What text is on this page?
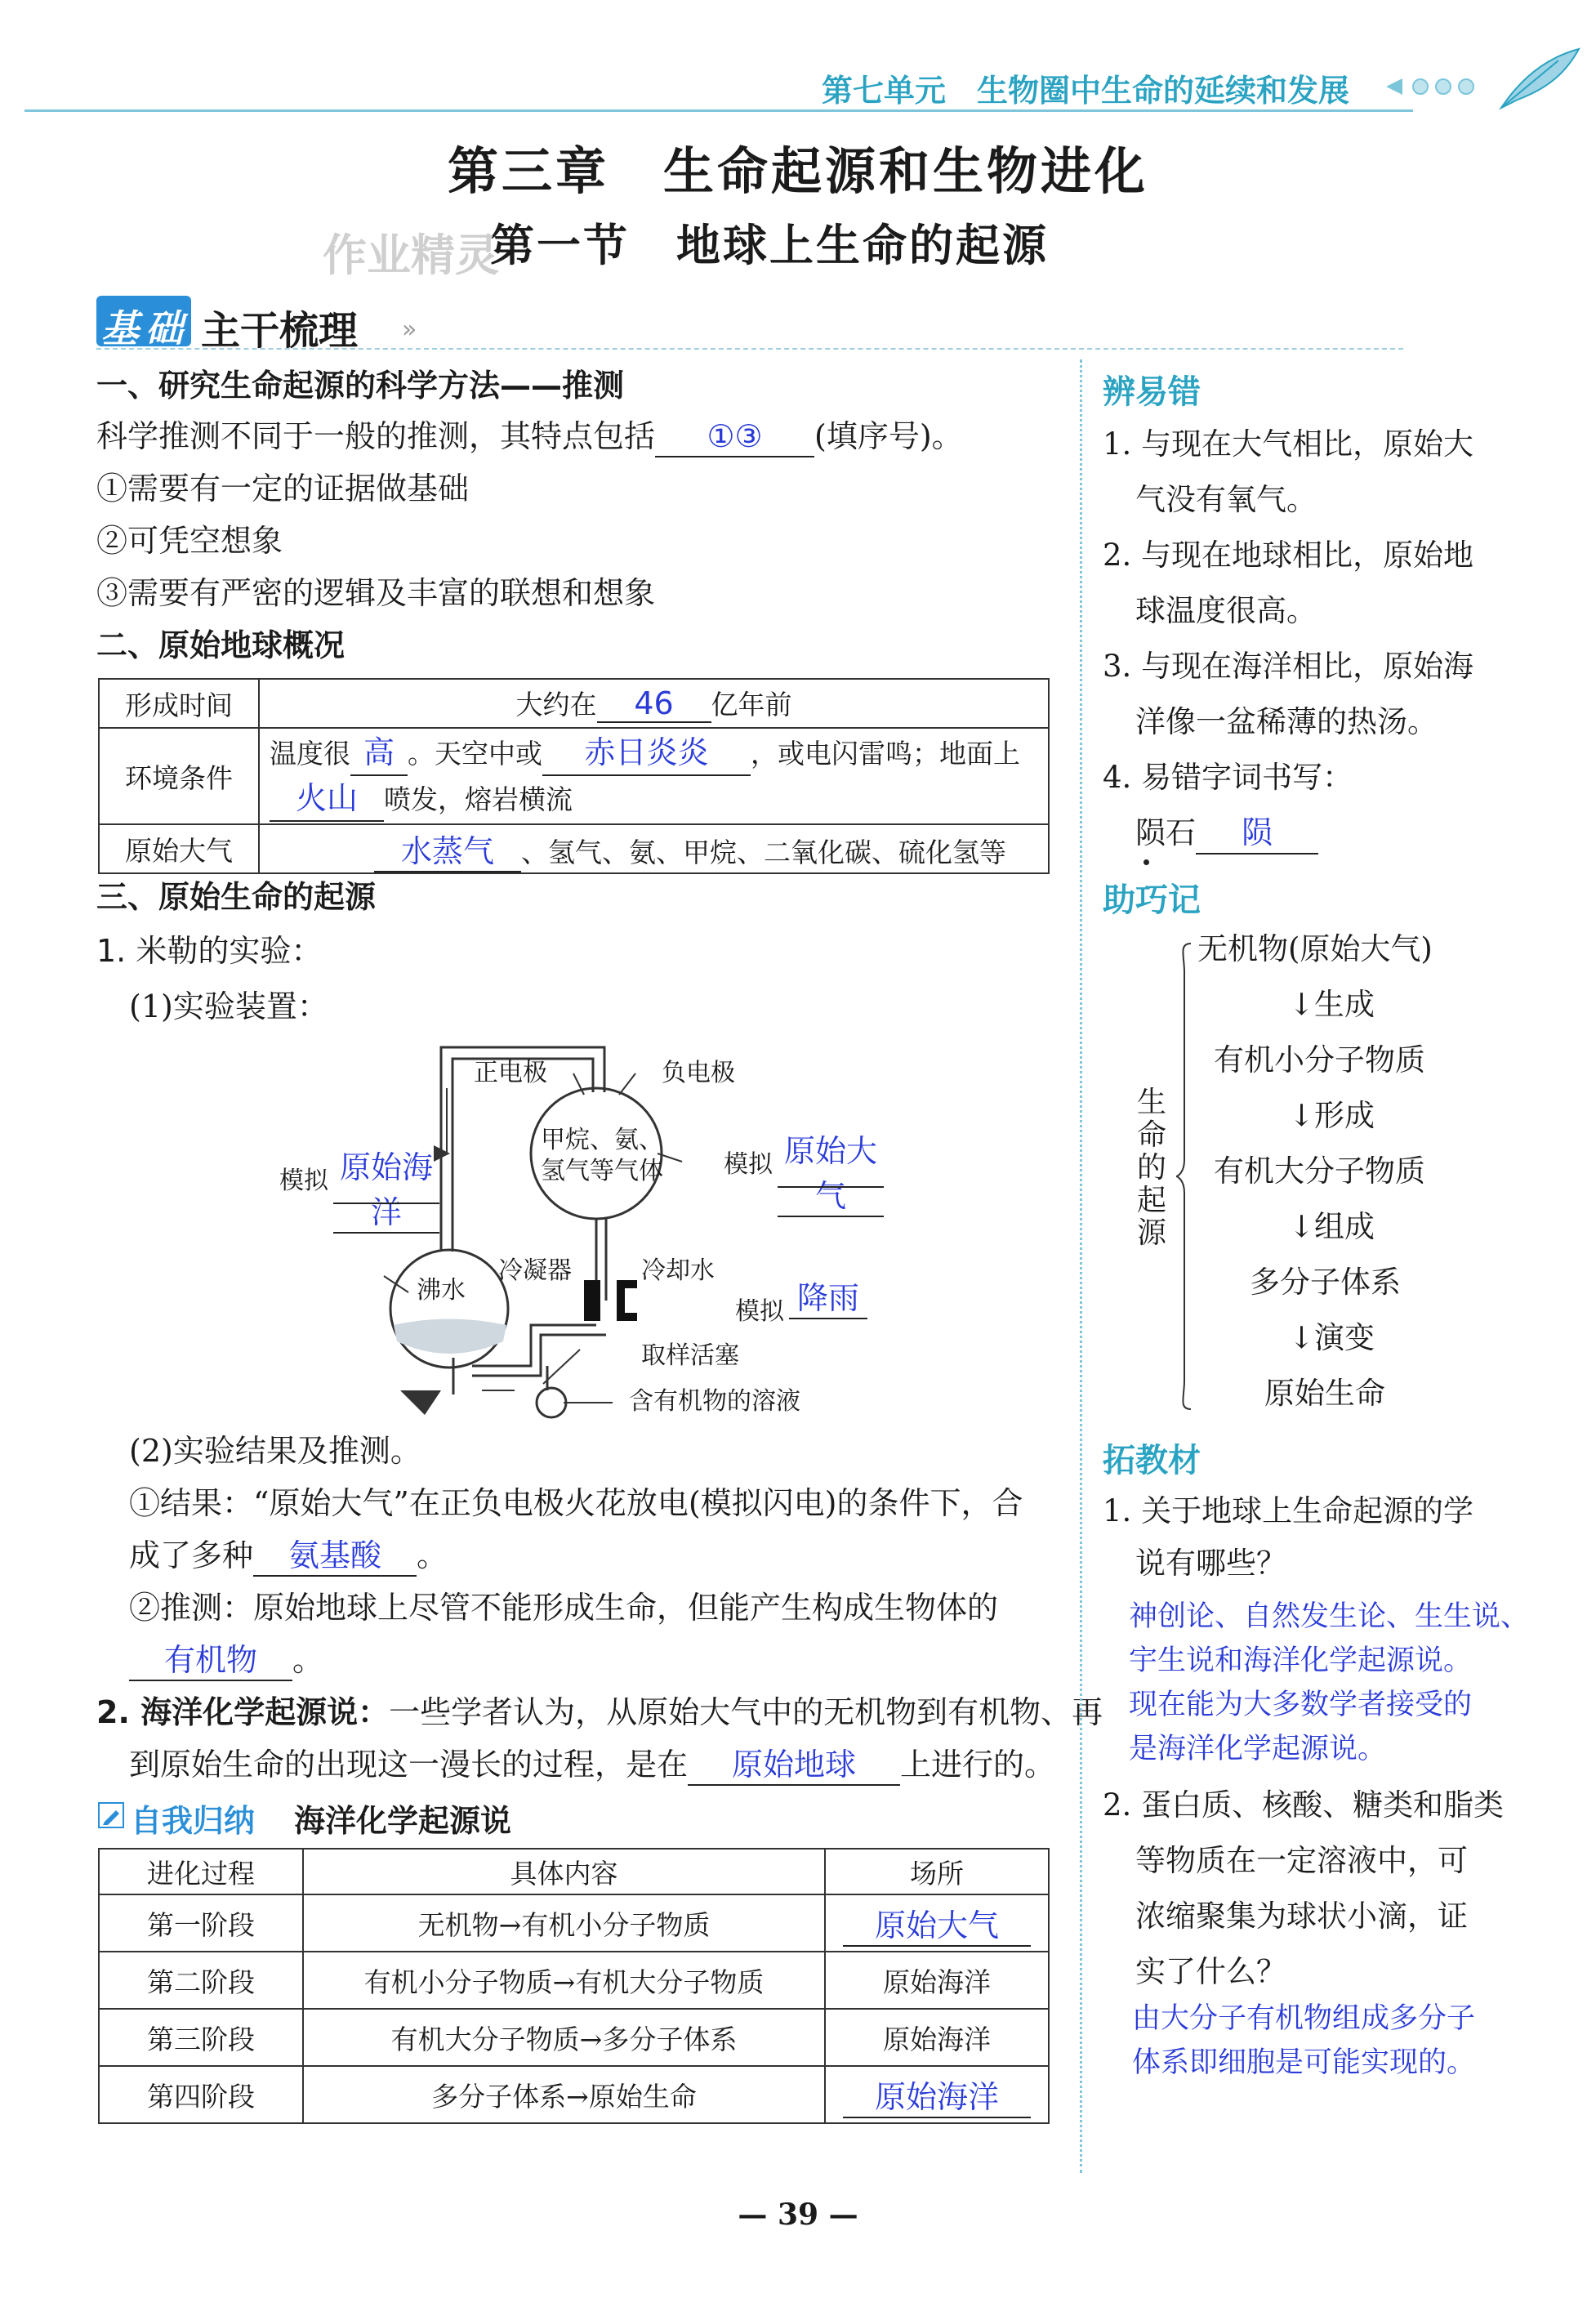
第七单元 生物圈中生命的延续和发展
第三章　生命起源和生物进化
第一节　地球上生命的起源
作业精灵
基 础 主干梳理 »
一、研究生命起源的科学方法——推测
科学推测不同于一般的推测，其特点包括 ①③ (填序号)。
①需要有一定的证据做基础
②可凭空想象
③需要有严密的逻辑及丰富的联想和想象
二、原始地球概况
形成时间	大约在 46 亿年前
环境条件	温度很 高 。天空中或 赤日炎炎 ，或电闪雷鸣；地面上
火山 喷发，熔岩横流
原始大气	水蒸气 、氢气、氨、甲烷、二氧化碳、硫化氢等
三、原始生命的起源
1. 米勒的实验：
(1)实验装置：
正电极	负电极
甲烷、氨、
氢气等气体
沸水
冷凝器	冷却水
取样活塞
含有机物的溶液
模拟 原始海洋
模拟 原始大气
模拟 降雨
(2)实验结果及推测。
①结果：“原始大气”在正负电极火花放电(模拟闪电)的条件下，合
成了多种 氨基酸 。
②推测：原始地球上尽管不能形成生命，但能产生构成生物体的
有机物 。
2. 海洋化学起源说：一些学者认为，从原始大气中的无机物到有机物、再
到原始生命的出现这一漫长的过程，是在 原始地球 上进行的。
自我归纳 海洋化学起源说
进化过程	具体内容	场所
第一阶段	无机物→有机小分子物质	原始大气
第二阶段	有机小分子物质→有机大分子物质	原始海洋
第三阶段	有机大分子物质→多分子体系	原始海洋
第四阶段	多分子体系→原始生命	原始海洋
辨易错
1. 与现在大气相比，原始大
气没有氧气。
2. 与现在地球相比，原始地
球温度很高。
3. 与现在海洋相比，原始海
洋像一盆稀薄的热汤。
4. 易错字词书写：
陨石 陨
助巧记
生命的起源
无机物(原始大气)
↓生成
有机小分子物质
↓形成
有机大分子物质
↓组成
多分子体系
↓演变
原始生命
拓教材
1. 关于地球上生命起源的学
说有哪些？
神创论、自然发生论、生生说、
宇生说和海洋化学起源说。
现在能为大多数学者接受的
是海洋化学起源说。
2. 蛋白质、核酸、糖类和脂类
等物质在一定溶液中，可
浓缩聚集为球状小滴，证
实了什么？
由大分子有机物组成多分子
体系即细胞是可能实现的。
— 39 —
